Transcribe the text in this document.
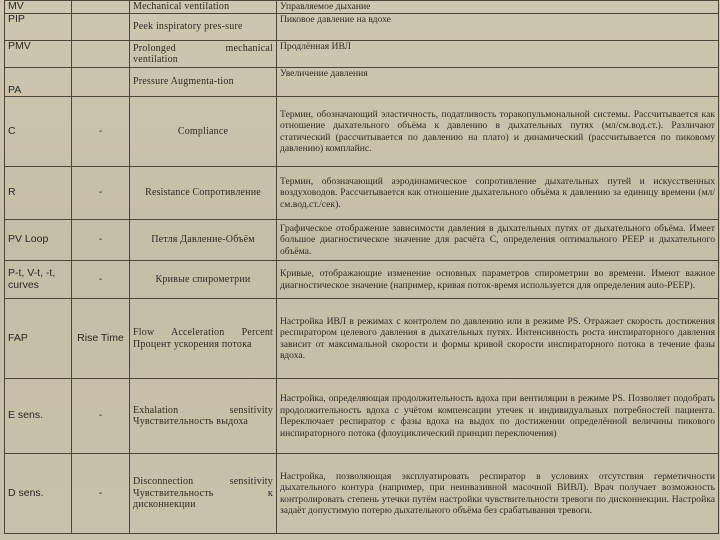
MV		Mechanical ventilation	Управляемое дыхание
PIP		Peek inspiratory pres-sure	Пиковое давление на вдохе
PMV		Prolonged mechanical ventilation	Продлённая ИВЛ
PA		Pressure Augmenta-tion	Увеличение давления
C	-	Compliance	Термин, обозначающий эластичность, податливость торакопульмональной системы. Рассчитывается как отношение дыхательного объёма к давлению в дыхательных путях (мл/см.вод.ст.). Различают статический (рассчитывается по давлению на плато) и динамический (рассчитывается по пиковому давлению) комплайнс.
R	-	Resistance Сопротивление	Термин, обозначающий аэродинамическое сопротивление дыхательных путей и искусственных воздуховодов. Рассчитывается как отношение дыхательного объёма к давлению за единицу времени (мл/см.вод.ст./сек).
PV Loop	-	Петля Давление-Объём	Графическое отображение зависимости давления в дыхательных путях от дыхательного объёма. Имеет большое диагностическое значение для расчёта С, определения оптимального PEEP и дыхательного объёма.
P-t, V-t, -t, curves	-	Кривые спирометрии	Кривые, отображающие изменение основных параметров спирометрии во времени. Имеют важное диагностическое значение (например, кривая поток-время используется для определения auto-PEEP).
FAP	Rise Time	Flow Acceleration Percent Процент ускорения потока	Настройка ИВЛ в режимах с контролем по давлению или в режиме PS. Отражает скорость достижения респиратором целевого давления в дыхательных путях. Интенсивность роста инспираторного давления зависит от максимальной скорости и формы кривой скорости инспираторного потока в течение фазы вдоха.
E sens.	-	Exhalation sensitivity Чувствительность выдоха	Настройка, определяющая продолжительность вдоха при вентиляции в режиме PS. Позволяет подобрать продолжительность вдоха с учётом компенсации утечек и индивидуальных потребностей пациента. Переключает респиратор с фазы вдоха на выдох по достижении определённой величины пикового инспираторного потока (флоуциклический принцип переключения)
D sens.	-	Disconnection sensitivity Чувствительность к дисконнекции	Настройка, позволяющая эксплуатировать респиратор в условиях отсутствия герметичности дыхательного контура (например, при неинвазивной масочной ВИВЛ). Врач получает возможность контролировать степень утечки путём настройки чувствительности тревоги по дисконнекции. Настройка задаёт допустимую потерю дыхательного объёма без срабатывания тревоги.
